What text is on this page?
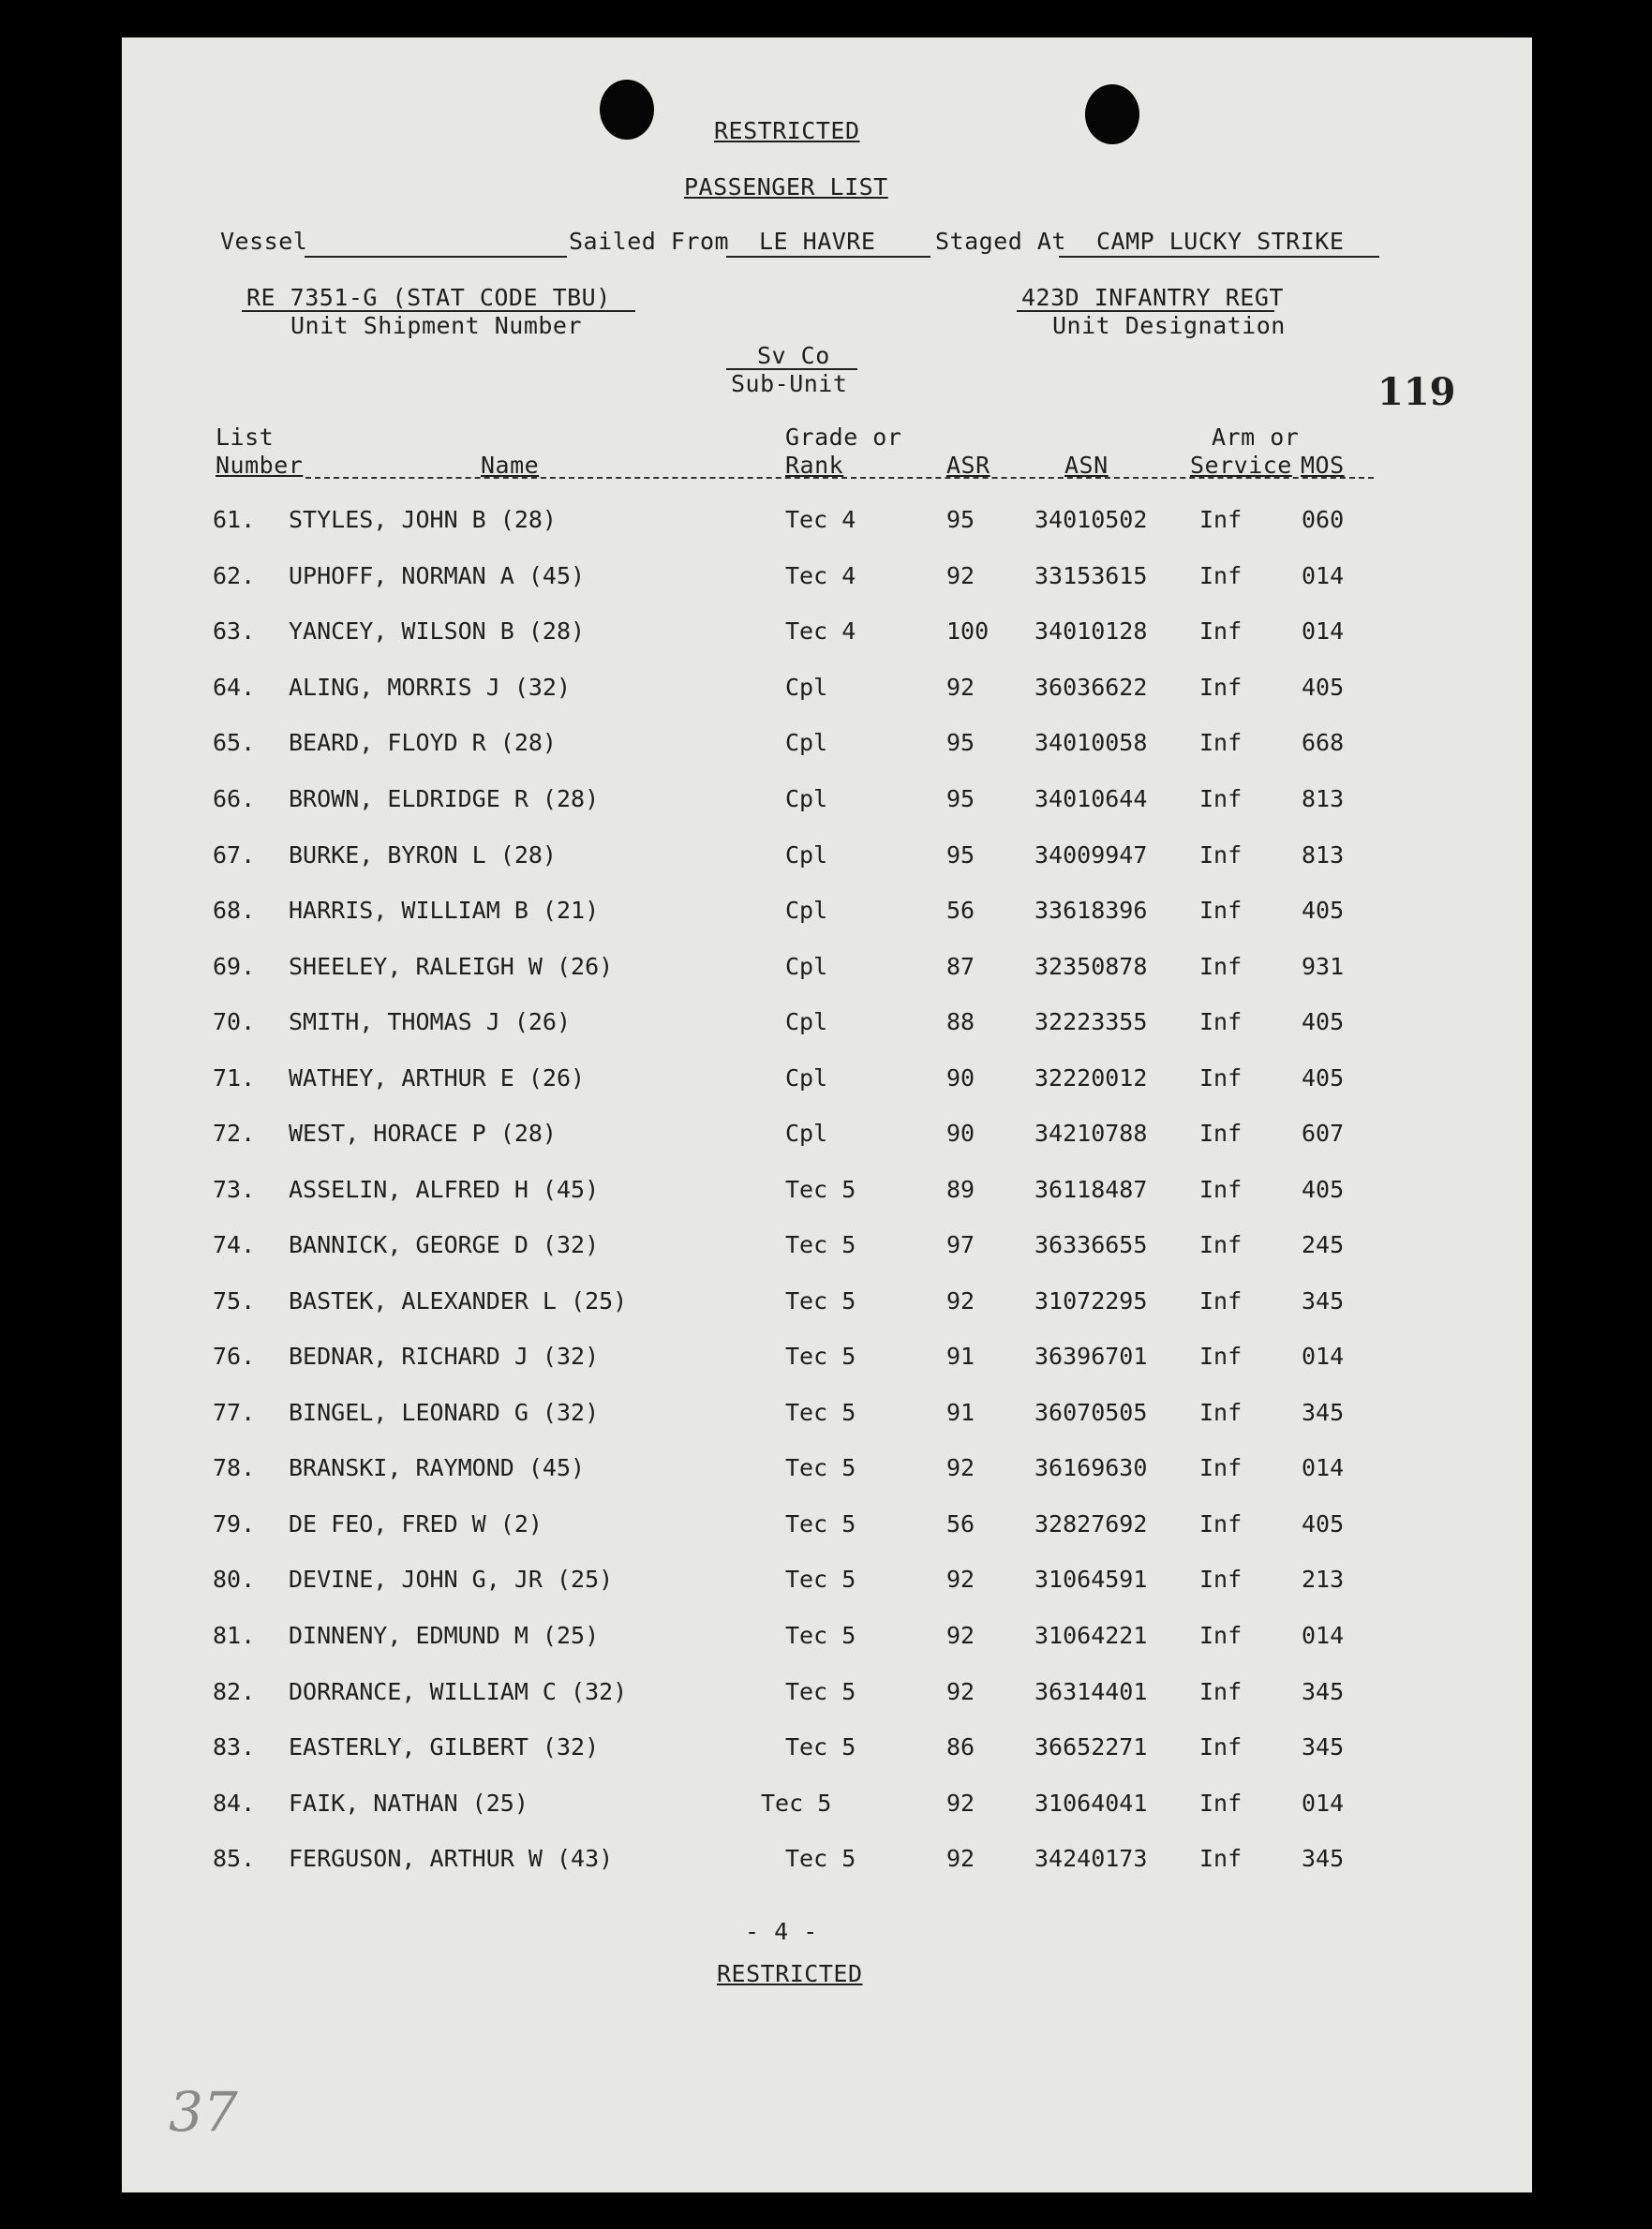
RESTRICTED
PASSENGER LIST
Vessel	Sailed From LE HAVRE	Staged At CAMP LUCKY STRIKE
RE 7351-G (STAT CODE TBU)
Unit Shipment Number
423D INFANTRY REGT
Unit Designation
Sv Co
Sub-Unit	119
List
Number	Name
Grade or
Rank	ASR	ASN
Arm or
Service MOS
61. STYLES, JOHN B (28)	Tec 4	95	34010502 Inf	060
62. UPHOFF, NORMAN A (45)	Tec 4	92	33153615 Inf	014
63. YANCEY, WILSON B (28)	Tec 4	100 34010128 Inf	014
64. ALING, MORRIS J (32)	Cpl	92	36036622 Inf	405
65. BEARD, FLOYD R (28)	Cpl	95	34010058 Inf	668
66. BROWN, ELDRIDGE R (28)	Cpl	95	34010644 Inf	813
67. BURKE, BYRON L (28)	Cpl	95	34009947 Inf	813
68. HARRIS, WILLIAM B (21)	Cpl	56	33618396 Inf	405
69. SHEELEY, RALEIGH W (26)	Cpl	87	32350878 Inf	931
70. SMITH, THOMAS J (26)	Cpl	88	32223355 Inf	405
71. WATHEY, ARTHUR E (26)	Cpl	90	32220012 Inf	405
72. WEST, HORACE P (28)	Cpl	90	34210788 Inf	607
73. ASSELIN, ALFRED H (45)	Tec 5	89	36118487 Inf	405
74. BANNICK, GEORGE D (32)	Tec 5	97	36336655 Inf	245
75. BASTEK, ALEXANDER L (25)	Tec 5	92	31072295 Inf	345
76. BEDNAR, RICHARD J (32)	Tec 5	91	36396701 Inf	014
77. BINGEL, LEONARD G (32)	Tec 5	91	36070505 Inf	345
78. BRANSKI, RAYMOND (45)	Tec 5	92	36169630 Inf	014
79. DE FEO, FRED W (2)	Tec 5	56	32827692 Inf	405
80. DEVINE, JOHN G, JR (25)	Tec 5	92	31064591 Inf	213
81. DINNENY, EDMUND M (25)	Tec 5	92	31064221 Inf	014
82. DORRANCE, WILLIAM C (32)	Tec 5	92	36314401 Inf	345
83. EASTERLY, GILBERT (32)	Tec 5	86	36652271 Inf	345
84. FAIK, NATHAN (25)	Tec 5	92	31064041 Inf	014
85. FERGUSON, ARTHUR W (43)	Tec 5	92	34240173 Inf	345
- 4 -
RESTRICTED
37
